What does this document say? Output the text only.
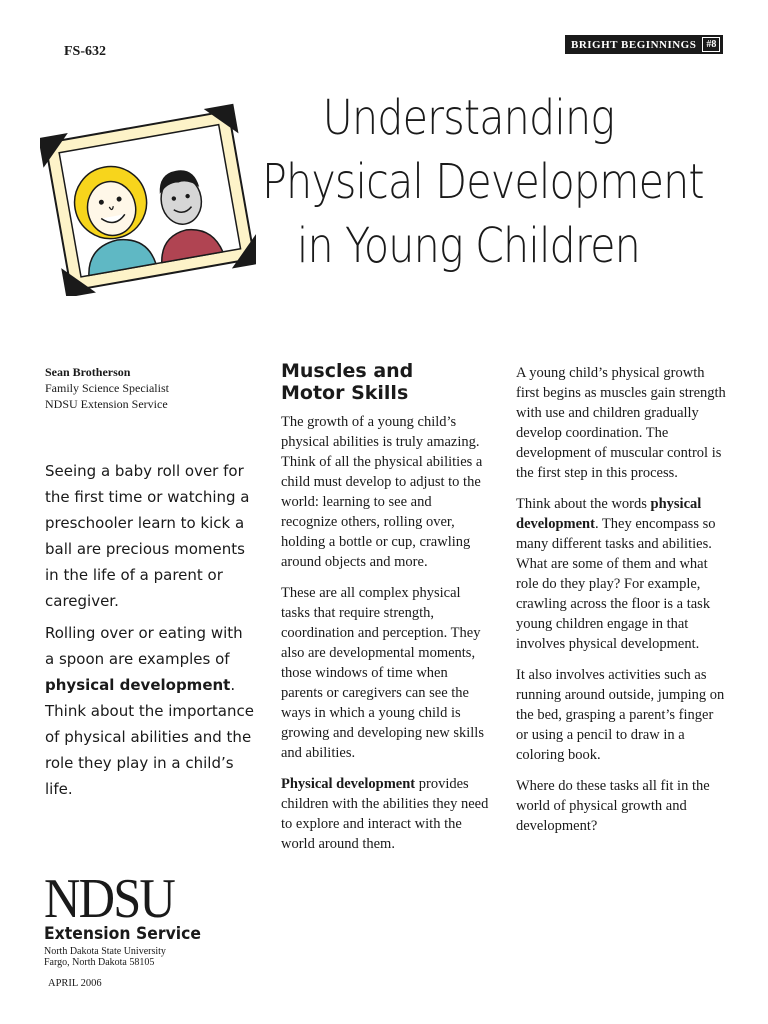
FS-632	BRIGHT BEGINNINGS	#8
Understanding
Physical Development
in Young Children
Sean Brotherson
Family Science Specialist
NDSU Extension Service

Seeing a baby roll over for the first time or watching a preschooler learn to kick a ball are precious moments in the life of a parent or caregiver.

Rolling over or eating with a spoon are examples of physical development. Think about the importance of physical abilities and the role they play in a child’s life.

Muscles and
Motor Skills

The growth of a young child’s physical abilities is truly amazing. Think of all the physical abilities a child must develop to adjust to the world: learning to see and recognize others, rolling over, holding a bottle or cup, crawling around objects and more.

These are all complex physical tasks that require strength, coordination and perception. They also are developmental moments, those windows of time when parents or caregivers can see the ways in which a young child is growing and developing new skills and abilities.

Physical development provides children with the abilities they need to explore and interact with the world around them.

A young child’s physical growth first begins as muscles gain strength with use and children gradually develop coordination. The development of muscular control is the first step in this process.

Think about the words physical development. They encompass so many different tasks and abilities. What are some of them and what role do they play? For example, crawling across the floor is a task young children engage in that involves physical development.

It also involves activities such as running around outside, jumping on the bed, grasping a parent’s finger or using a pencil to draw in a coloring book.

Where do these tasks all fit in the world of physical growth and development?

NDSU
Extension Service
North Dakota State University
Fargo, North Dakota 58105
APRIL 2006
